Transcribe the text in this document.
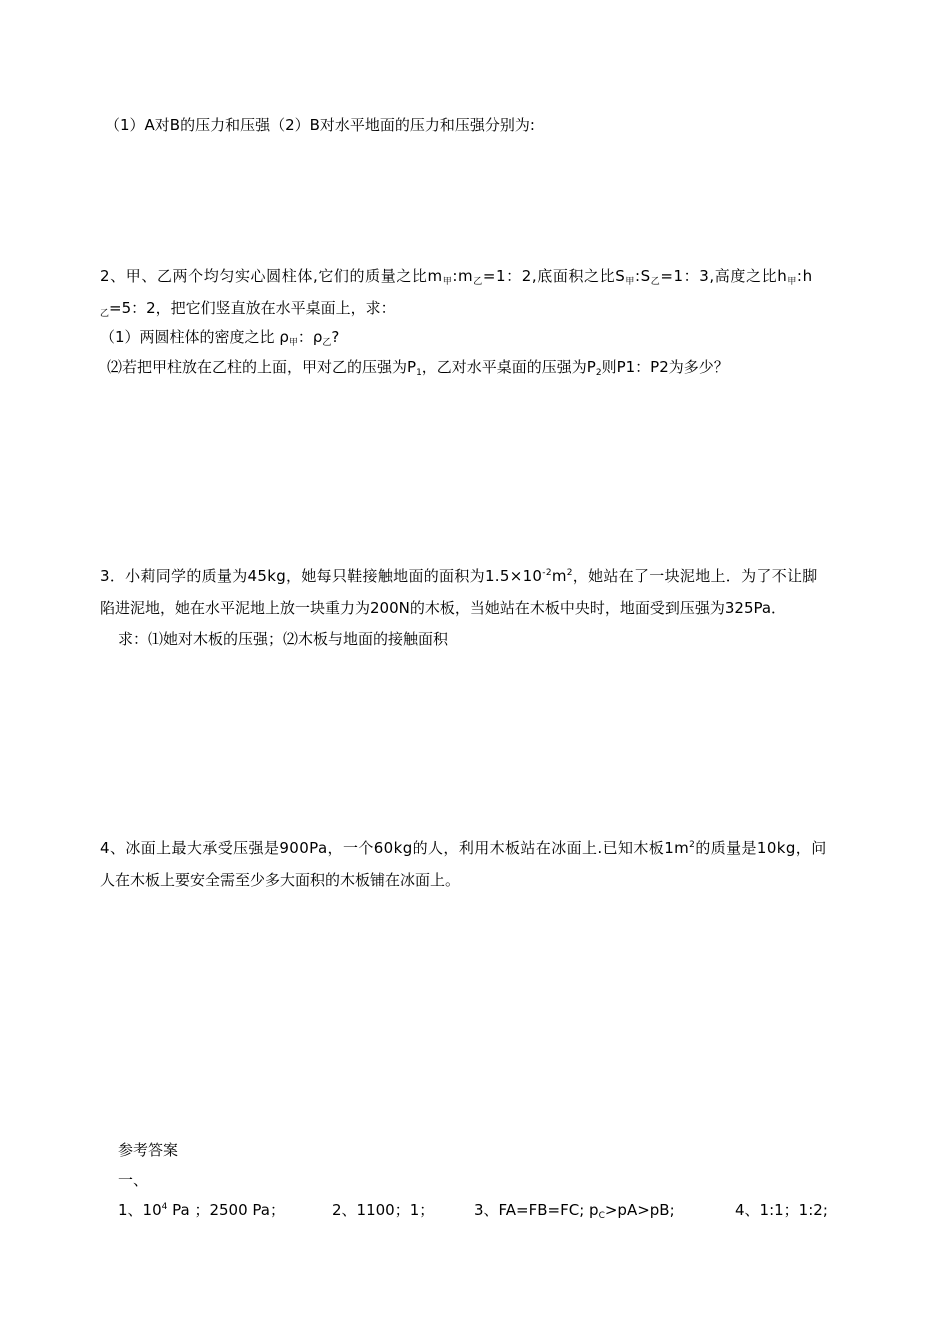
（1）A对B的压力和压强（2）B对水平地面的压力和压强分别为:
2、甲、乙两个均匀实心圆柱体,它们的质量之比$m_甲:m_乙=1$：2,底面积之比$S_甲:S_乙=1$：3,高度之比$h_甲:h$
$_乙$=5：2，把它们竖直放在水平桌面上，求：
（1）两圆柱体的密度之比 $\rho_甲$：$\rho_乙$?
⑵若把甲柱放在乙柱的上面，甲对乙的压强为$P_1$，乙对水平桌面的压强为$P_2$则P1：P2为多少？
3．小莉同学的质量为45kg，她每只鞋接触地面的面积为$1.5\times 10^{-2}m^2$，她站在了一块泥地上．为了不让脚
陷进泥地，她在水平泥地上放一块重力为200N的木板，当她站在木板中央时，地面受到压强为325Pa．
求：⑴她对木板的压强；⑵木板与地面的接触面积
4、冰面上最大承受压强是900Pa，一个60kg的人，利用木板站在冰面上.已知木板$1m^2$的质量是10kg，问
人在木板上要安全需至少多大面积的木板铺在冰面上。
参考答案
一、
1、$10^4$ Pa ；2500 Pa；	2、1100；1；	3、FA=FB=FC; $p_C>pA>pB$;	4、1:1；1:2;
